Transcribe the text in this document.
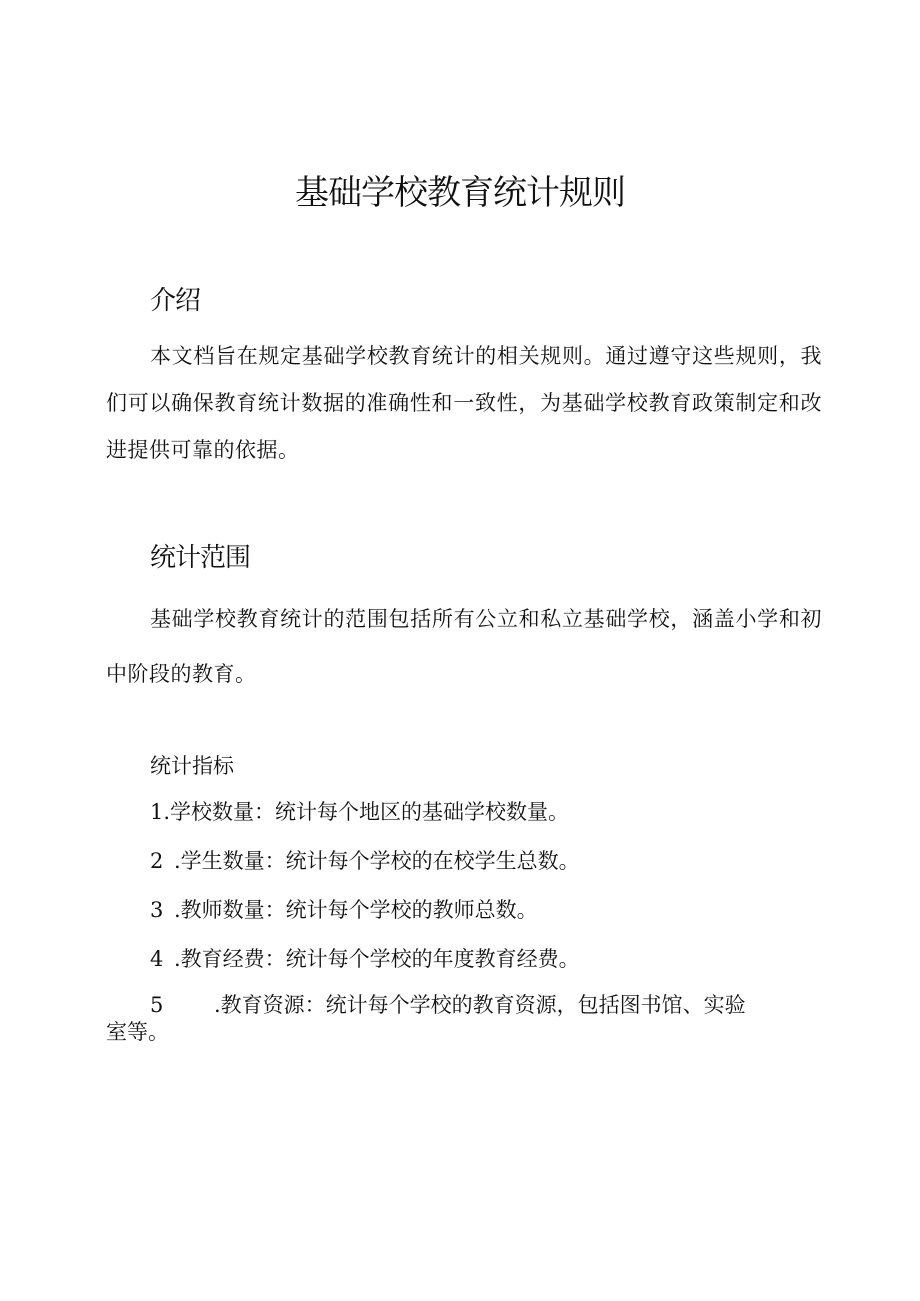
基础学校教育统计规则
介绍

本文档旨在规定基础学校教育统计的相关规则。通过遵守这些规则，我们可以确保教育统计数据的准确性和一致性，为基础学校教育政策制定和改进提供可靠的依据。

统计范围

基础学校教育统计的范围包括所有公立和私立基础学校，涵盖小学和初中阶段的教育。

统计指标

1.学校数量：统计每个地区的基础学校数量。
2 .学生数量：统计每个学校的在校学生总数。
3 .教师数量：统计每个学校的教师总数。
4 .教育经费：统计每个学校的年度教育经费。
5 .教育资源：统计每个学校的教育资源，包括图书馆、实验
室等。
